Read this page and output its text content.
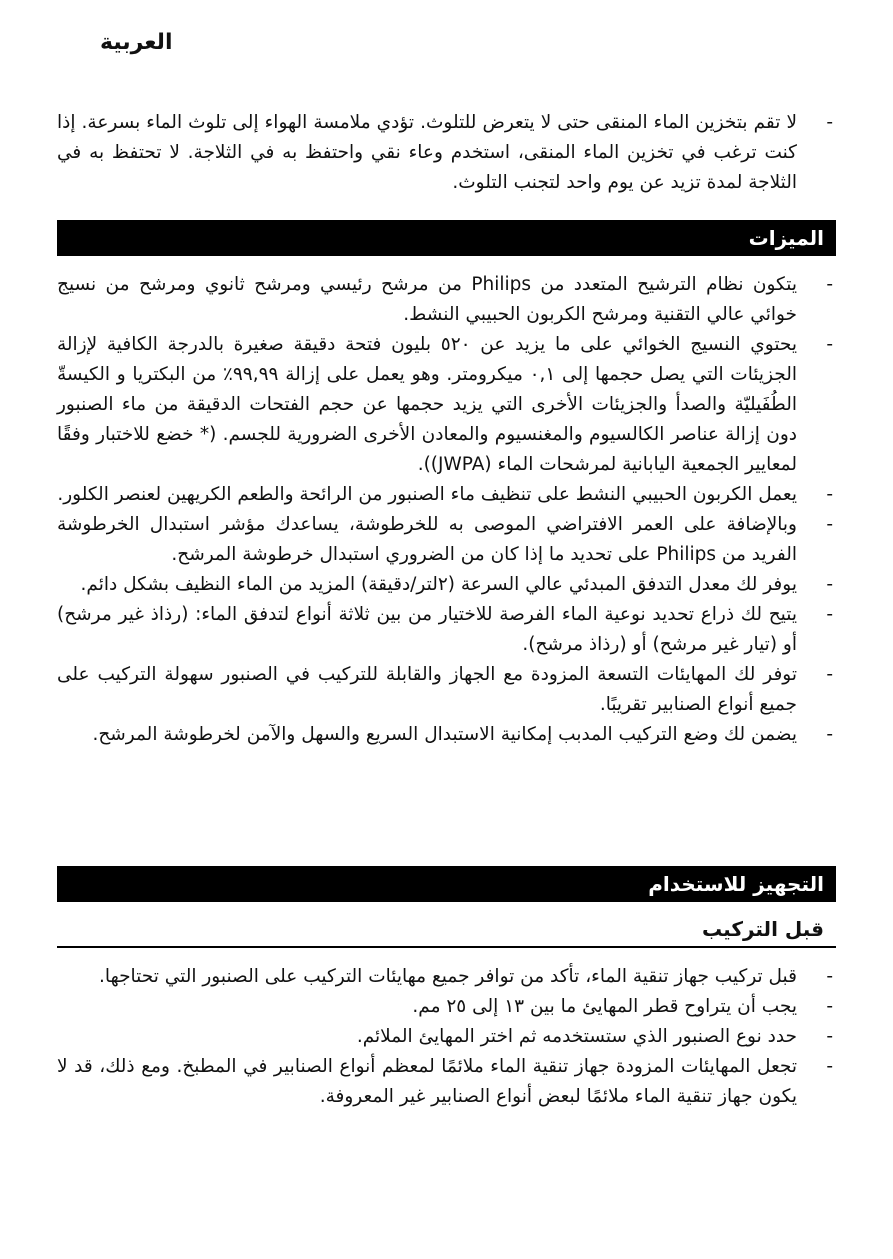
العربية
-
لا تقم بتخزين الماء المنقى حتى لا يتعرض للتلوث. تؤدي ملامسة الهواء إلى تلوث الماء بسرعة. إذا كنت ترغب في تخزين الماء المنقى، استخدم وعاء نقي واحتفظ به في الثلاجة. لا تحتفظ به في الثلاجة لمدة تزيد عن يوم واحد لتجنب التلوث.
الميزات
-
يتكون نظام الترشيح المتعدد من Philips من مرشح رئيسي ومرشح ثانوي ومرشح من نسيج خوائي عالي التقنية ومرشح الكربون الحبيبي النشط.
-
يحتوي النسيج الخوائي على ما يزيد عن ٥٢٠ بليون فتحة دقيقة صغيرة بالدرجة الكافية لإزالة الجزيئات التي يصل حجمها إلى ٠,١ ميكرومتر. وهو يعمل على إزالة ٩٩,٩٩٪ من البكتريا و الكيسةّ الطُفَيليّة والصدأ والجزيئات الأخرى التي يزيد حجمها عن حجم الفتحات الدقيقة من ماء الصنبور دون إزالة عناصر الكالسيوم والمغنسيوم والمعادن الأخرى الضرورية للجسم. (* خضع للاختبار وفقًا لمعايير الجمعية اليابانية لمرشحات الماء (JWPA)).
-
يعمل الكربون الحبيبي النشط على تنظيف ماء الصنبور من الرائحة والطعم الكريهين لعنصر الكلور.
-
وبالإضافة على العمر الافتراضي الموصى به للخرطوشة، يساعدك مؤشر استبدال الخرطوشة الفريد من Philips على تحديد ما إذا كان من الضروري استبدال خرطوشة المرشح.
-
يوفر لك معدل التدفق المبدئي عالي السرعة (٢لتر/دقيقة) المزيد من الماء النظيف بشكل دائم.
-
يتيح لك ذراع تحديد نوعية الماء الفرصة للاختيار من بين ثلاثة أنواع لتدفق الماء: (رذاذ غير مرشح) أو (تيار غير مرشح) أو (رذاذ مرشح).
-
توفر لك المهايئات التسعة المزودة مع الجهاز والقابلة للتركيب في الصنبور سهولة التركيب على جميع أنواع الصنابير تقريبًا.
-
يضمن لك وضع التركيب المدبب إمكانية الاستبدال السريع والسهل والآمن لخرطوشة المرشح.
التجهيز للاستخدام
قبل التركيب
-
قبل تركيب جهاز تنقية الماء، تأكد من توافر جميع مهايئات التركيب على الصنبور التي تحتاجها.
-
يجب أن يتراوح قطر المهايئ ما بين ١٣ إلى ٢٥ مم.
-
حدد نوع الصنبور الذي ستستخدمه ثم اختر المهايئ الملائم.
-
تجعل المهايئات المزودة جهاز تنقية الماء ملائمًا لمعظم أنواع الصنابير في المطبخ. ومع ذلك، قد لا يكون جهاز تنقية الماء ملائمًا لبعض أنواع الصنابير غير المعروفة.
